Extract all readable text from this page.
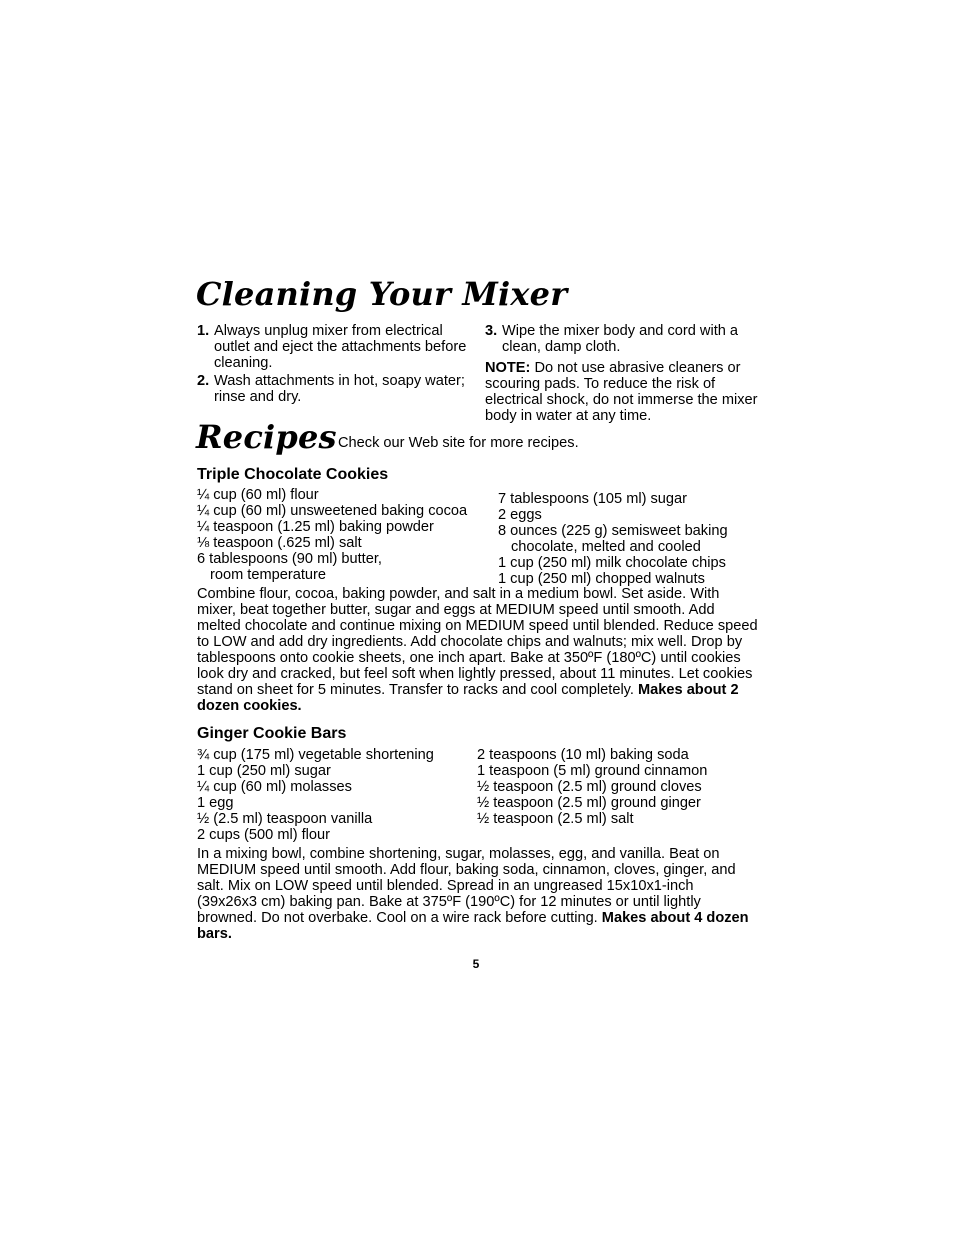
Cleaning Your Mixer
1. Always unplug mixer from electrical outlet and eject the attachments before cleaning.
2. Wash attachments in hot, soapy water; rinse and dry.
3. Wipe the mixer body and cord with a clean, damp cloth.
NOTE: Do not use abrasive cleaners or scouring pads. To reduce the risk of electrical shock, do not immerse the mixer body in water at any time.
Recipes Check our Web site for more recipes.
Triple Chocolate Cookies
¼ cup (60 ml) flour
¼ cup (60 ml) unsweetened baking cocoa
¼ teaspoon (1.25 ml) baking powder
⅛ teaspoon (.625 ml) salt
6 tablespoons (90 ml) butter,
room temperature
7 tablespoons (105 ml) sugar
2 eggs
8 ounces (225 g) semisweet baking
chocolate, melted and cooled
1 cup (250 ml) milk chocolate chips
1 cup (250 ml) chopped walnuts
Combine flour, cocoa, baking powder, and salt in a medium bowl. Set aside. With mixer, beat together butter, sugar and eggs at MEDIUM speed until smooth. Add melted chocolate and continue mixing on MEDIUM speed until blended. Reduce speed to LOW and add dry ingredients. Add chocolate chips and walnuts; mix well. Drop by tablespoons onto cookie sheets, one inch apart. Bake at 350ºF (180ºC) until cookies look dry and cracked, but feel soft when lightly pressed, about 11 minutes. Let cookies stand on sheet for 5 minutes. Transfer to racks and cool completely. Makes about 2 dozen cookies.
Ginger Cookie Bars
¾ cup (175 ml) vegetable shortening
1 cup (250 ml) sugar
¼ cup (60 ml) molasses
1 egg
½ (2.5 ml) teaspoon vanilla
2 cups (500 ml) flour
2 teaspoons (10 ml) baking soda
1 teaspoon (5 ml) ground cinnamon
½ teaspoon (2.5 ml) ground cloves
½ teaspoon (2.5 ml) ground ginger
½ teaspoon (2.5 ml) salt
In a mixing bowl, combine shortening, sugar, molasses, egg, and vanilla. Beat on MEDIUM speed until smooth. Add flour, baking soda, cinnamon, cloves, ginger, and salt. Mix on LOW speed until blended. Spread in an ungreased 15x10x1-inch (39x26x3 cm) baking pan. Bake at 375ºF (190ºC) for 12 minutes or until lightly browned. Do not overbake. Cool on a wire rack before cutting. Makes about 4 dozen bars.
5
